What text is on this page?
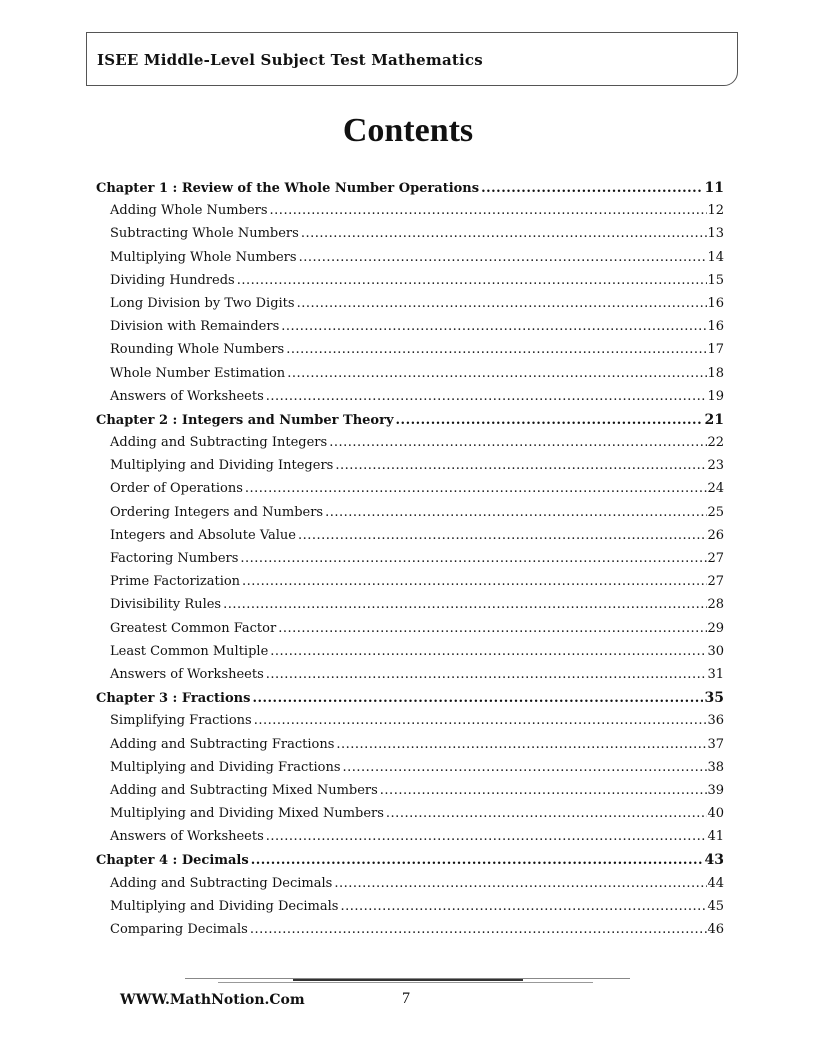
ISEE Middle-Level Subject Test Mathematics
Contents
Chapter 1 : Review of the Whole Number Operations .....	11
Adding Whole Numbers .....	12
Subtracting Whole Numbers .....	13
Multiplying Whole Numbers .....	14
Dividing Hundreds .....	15
Long Division by Two Digits .....	16
Division with Remainders .....	16
Rounding Whole Numbers .....	17
Whole Number Estimation .....	18
Answers of Worksheets .....	19
Chapter 2 : Integers and Number Theory .....	21
Adding and Subtracting Integers .....	22
Multiplying and Dividing Integers .....	23
Order of Operations .....	24
Ordering Integers and Numbers .....	25
Integers and Absolute Value .....	26
Factoring Numbers .....	27
Prime Factorization .....	27
Divisibility Rules .....	28
Greatest Common Factor .....	29
Least Common Multiple .....	30
Answers of Worksheets .....	31
Chapter 3 : Fractions .....	35
Simplifying Fractions .....	36
Adding and Subtracting Fractions .....	37
Multiplying and Dividing Fractions .....	38
Adding and Subtracting Mixed Numbers .....	39
Multiplying and Dividing Mixed Numbers .....	40
Answers of Worksheets .....	41
Chapter 4 : Decimals .....	43
Adding and Subtracting Decimals .....	44
Multiplying and Dividing Decimals .....	45
Comparing Decimals .....	46
WWW.MathNotion.Com	7
